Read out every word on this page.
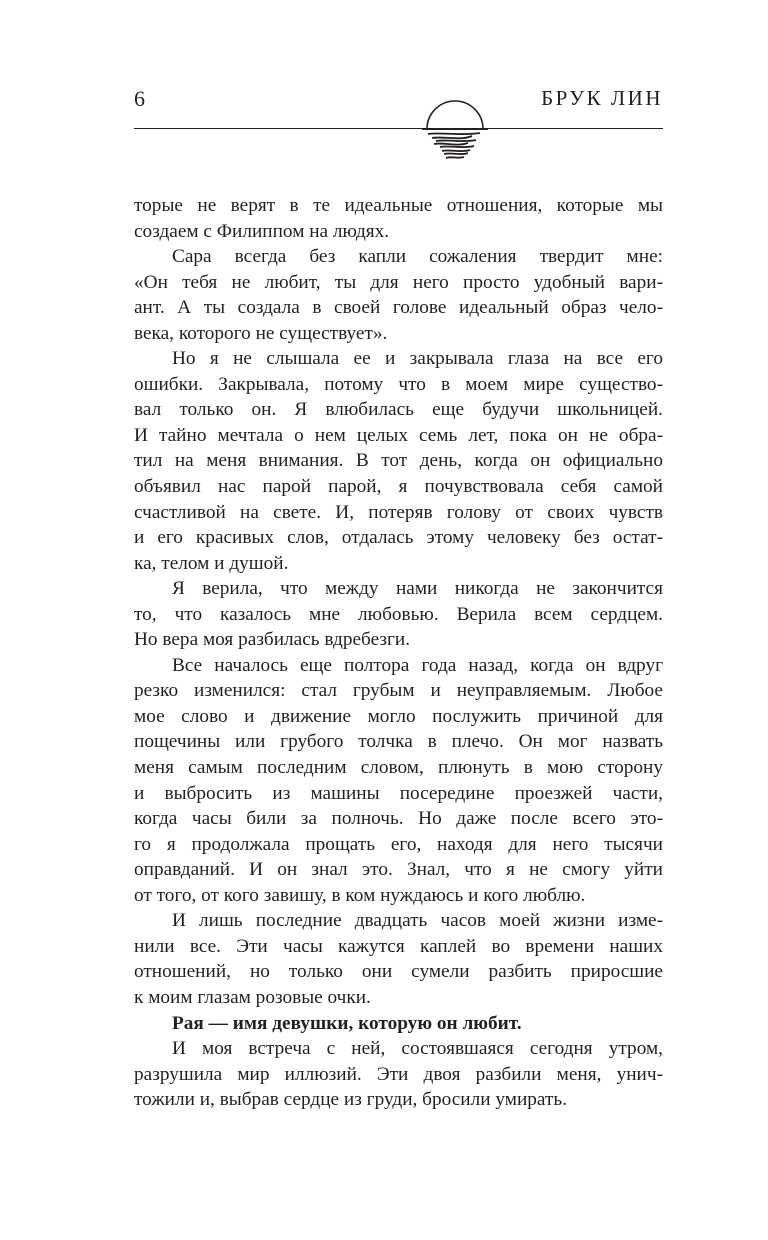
6	БРУК ЛИН
торые не верят в те идеальные отношения, которые мы
создаем с Филиппом на людях.
Сара всегда без капли сожаления твердит мне:
«Он тебя не любит, ты для него просто удобный вари-
ант. А ты создала в своей голове идеальный образ чело-
века, которого не существует».
Но я не слышала ее и закрывала глаза на все его
ошибки. Закрывала, потому что в моем мире существо-
вал только он. Я влюбилась еще будучи школьницей.
И тайно мечтала о нем целых семь лет, пока он не обра-
тил на меня внимания. В тот день, когда он официально
объявил нас парой парой, я почувствовала себя самой
счастливой на свете. И, потеряв голову от своих чувств
и его красивых слов, отдалась этому человеку без остат-
ка, телом и душой.
Я верила, что между нами никогда не закончится
то, что казалось мне любовью. Верила всем сердцем.
Но вера моя разбилась вдребезги.
Все началось еще полтора года назад, когда он вдруг
резко изменился: стал грубым и неуправляемым. Любое
мое слово и движение могло послужить причиной для
пощечины или грубого толчка в плечо. Он мог назвать
меня самым последним словом, плюнуть в мою сторону
и выбросить из машины посередине проезжей части,
когда часы били за полночь. Но даже после всего это-
го я продолжала прощать его, находя для него тысячи
оправданий. И он знал это. Знал, что я не смогу уйти
от того, от кого завишу, в ком нуждаюсь и кого люблю.
И лишь последние двадцать часов моей жизни изме-
нили все. Эти часы кажутся каплей во времени наших
отношений, но только они сумели разбить приросшие
к моим глазам розовые очки.
Рая — имя девушки, которую он любит.
И моя встреча с ней, состоявшаяся сегодня утром,
разрушила мир иллюзий. Эти двоя разбили меня, унич-
тожили и, выбрав сердце из груди, бросили умирать.
